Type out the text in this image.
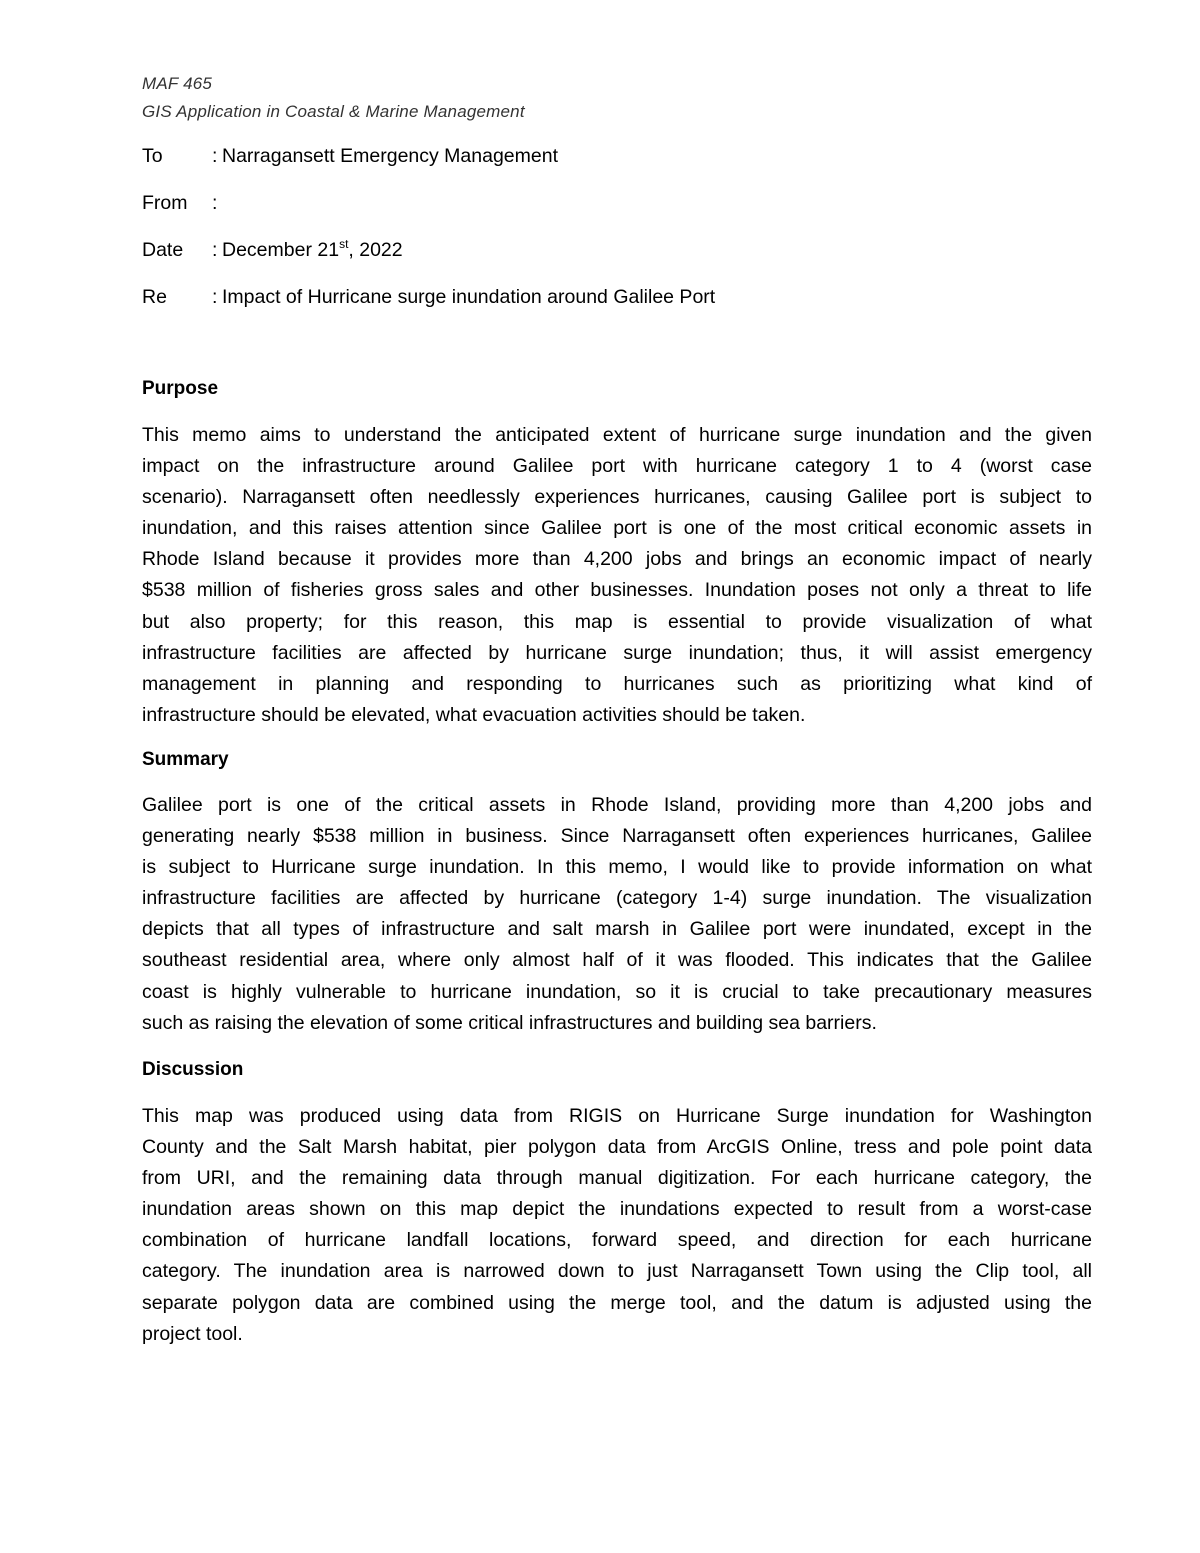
MAF 465
GIS Application in Coastal & Marine Management
To	: Narragansett Emergency Management
From :
Date : December 21st, 2022
Re : Impact of Hurricane surge inundation around Galilee Port
Purpose
This memo aims to understand the anticipated extent of hurricane surge inundation and the given
impact on the infrastructure around Galilee port with hurricane category 1 to 4 (worst case
scenario). Narragansett often needlessly experiences hurricanes, causing Galilee port is subject to
inundation, and this raises attention since Galilee port is one of the most critical economic assets in
Rhode Island because it provides more than 4,200 jobs and brings an economic impact of nearly
$538 million of fisheries gross sales and other businesses. Inundation poses not only a threat to life
but also property; for this reason, this map is essential to provide visualization of what
infrastructure facilities are affected by hurricane surge inundation; thus, it will assist emergency
management in planning and responding to hurricanes such as prioritizing what kind of
infrastructure should be elevated, what evacuation activities should be taken.
Summary
Galilee port is one of the critical assets in Rhode Island, providing more than 4,200 jobs and
generating nearly $538 million in business. Since Narragansett often experiences hurricanes, Galilee
is subject to Hurricane surge inundation. In this memo, I would like to provide information on what
infrastructure facilities are affected by hurricane (category 1-4) surge inundation. The visualization
depicts that all types of infrastructure and salt marsh in Galilee port were inundated, except in the
southeast residential area, where only almost half of it was flooded. This indicates that the Galilee
coast is highly vulnerable to hurricane inundation, so it is crucial to take precautionary measures
such as raising the elevation of some critical infrastructures and building sea barriers.
Discussion
This map was produced using data from RIGIS on Hurricane Surge inundation for Washington
County and the Salt Marsh habitat, pier polygon data from ArcGIS Online, tress and pole point data
from URI, and the remaining data through manual digitization. For each hurricane category, the
inundation areas shown on this map depict the inundations expected to result from a worst-case
combination of hurricane landfall locations, forward speed, and direction for each hurricane
category. The inundation area is narrowed down to just Narragansett Town using the Clip tool, all
separate polygon data are combined using the merge tool, and the datum is adjusted using the
project tool.
